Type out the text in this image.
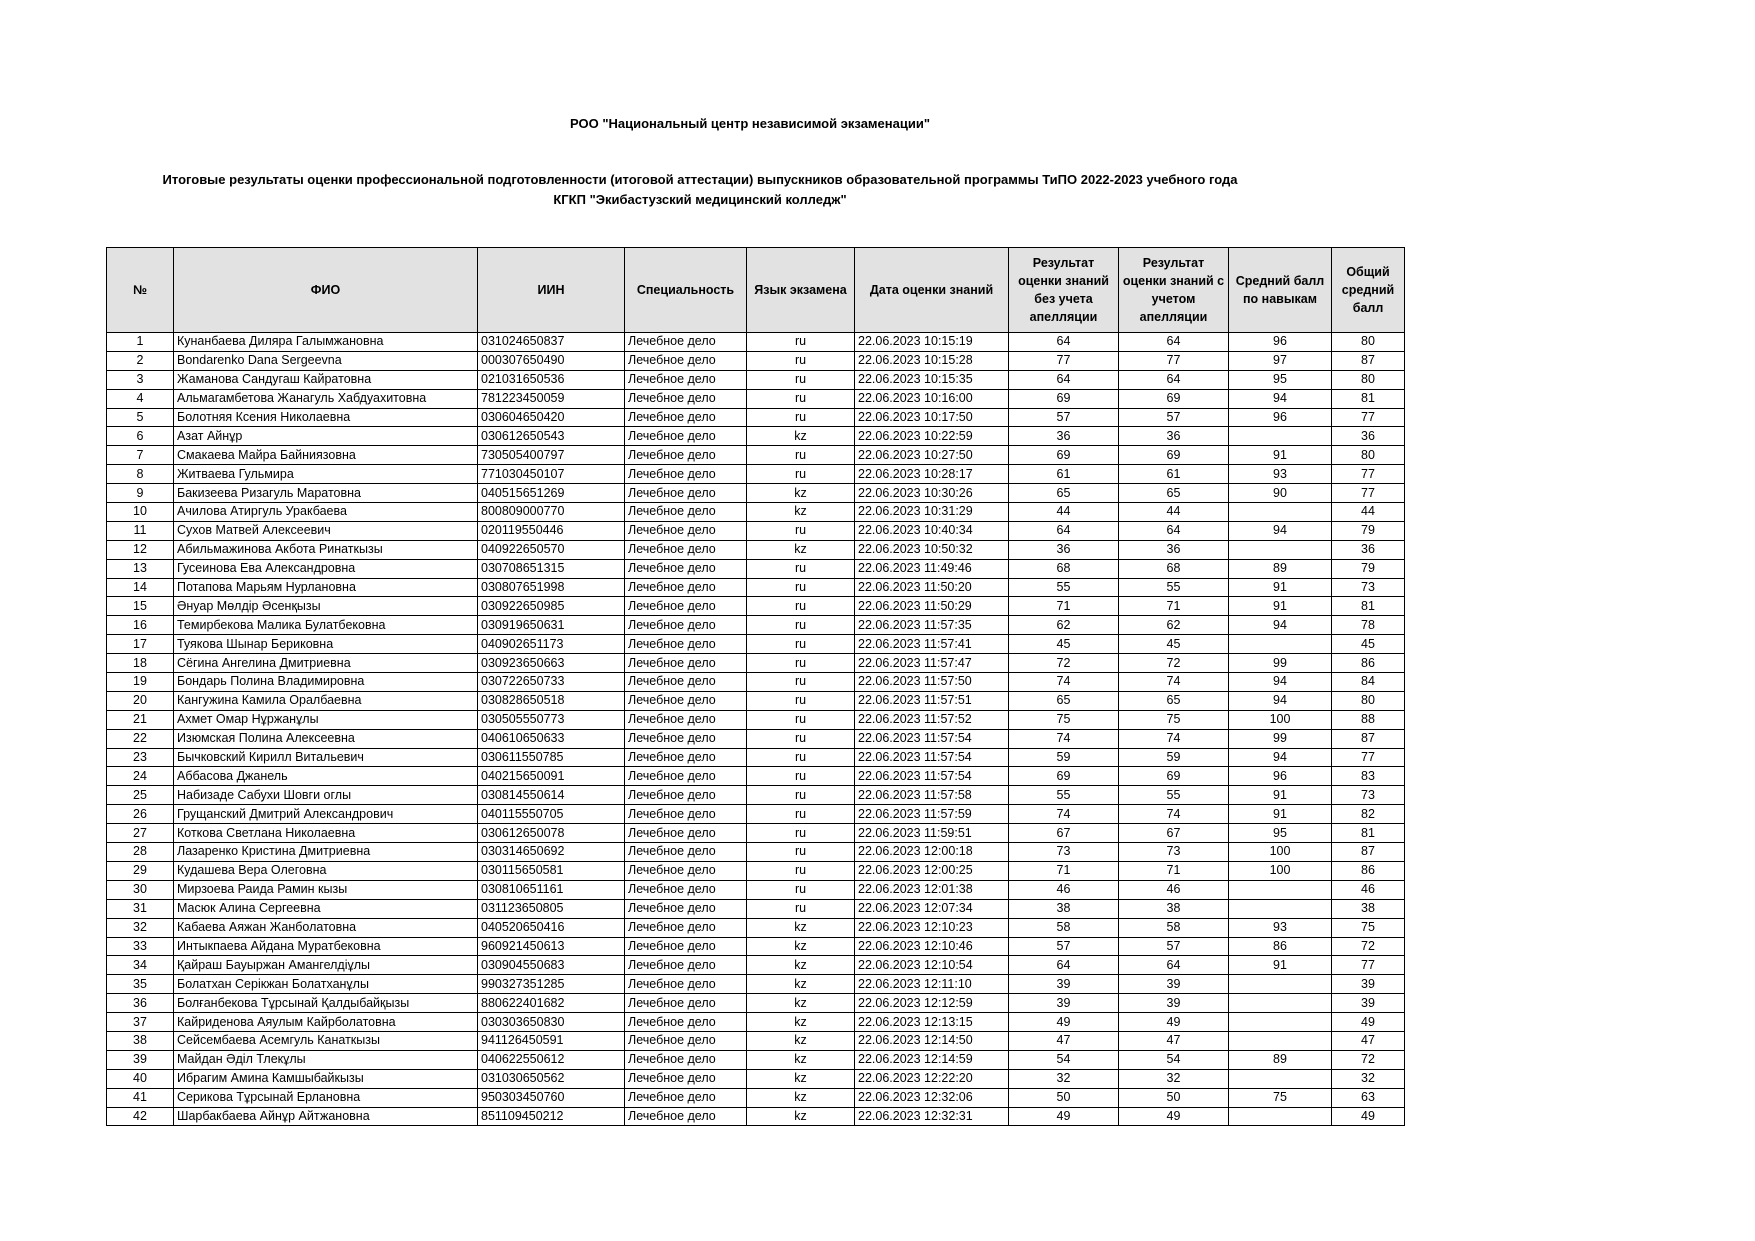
РОО "Национальный центр независимой экзаменации"
Итоговые результаты оценки профессиональной подготовленности (итоговой аттестации) выпускников образовательной программы ТиПО 2022-2023 учебного года
КГКП "Экибастузский медицинский колледж"
№	ФИО	ИИН	Специальность	Язык экзамена	Дата оценки знаний	Результат оценки знаний без учета апелляции	Результат оценки знаний с учетом апелляции	Средний балл по навыкам	Общий средний балл
1	Кунанбаева Диляра Галымжановна	031024650837	Лечебное дело	ru	22.06.2023 10:15:19	64	64	96	80
2	Bondarenko Dana Sergeevna	000307650490	Лечебное дело	ru	22.06.2023 10:15:28	77	77	97	87
3	Жаманова Сандугаш Кайратовна	021031650536	Лечебное дело	ru	22.06.2023 10:15:35	64	64	95	80
4	Альмагамбетова Жанагуль Хабдуахитовна	781223450059	Лечебное дело	ru	22.06.2023 10:16:00	69	69	94	81
5	Болотняя Ксения Николаевна	030604650420	Лечебное дело	ru	22.06.2023 10:17:50	57	57	96	77
6	Азат Айнұр	030612650543	Лечебное дело	kz	22.06.2023 10:22:59	36	36		36
7	Смакаева Майра Байниязовна	730505400797	Лечебное дело	ru	22.06.2023 10:27:50	69	69	91	80
8	Житваева Гульмира	771030450107	Лечебное дело	ru	22.06.2023 10:28:17	61	61	93	77
9	Бакизеева Ризагуль Маратовна	040515651269	Лечебное дело	kz	22.06.2023 10:30:26	65	65	90	77
10	Ачилова Атиргуль Уракбаева	800809000770	Лечебное дело	kz	22.06.2023 10:31:29	44	44		44
11	Сухов Матвей Алексеевич	020119550446	Лечебное дело	ru	22.06.2023 10:40:34	64	64	94	79
12	Абильмажинова Акбота Ринаткызы	040922650570	Лечебное дело	kz	22.06.2023 10:50:32	36	36		36
13	Гусеинова Ева Александровна	030708651315	Лечебное дело	ru	22.06.2023 11:49:46	68	68	89	79
14	Потапова Марьям Нурлановна	030807651998	Лечебное дело	ru	22.06.2023 11:50:20	55	55	91	73
15	Әнуар Мөлдір Әсенқызы	030922650985	Лечебное дело	ru	22.06.2023 11:50:29	71	71	91	81
16	Темирбекова Малика Булатбековна	030919650631	Лечебное дело	ru	22.06.2023 11:57:35	62	62	94	78
17	Туякова Шынар Бериковна	040902651173	Лечебное дело	ru	22.06.2023 11:57:41	45	45		45
18	Сёгина Ангелина Дмитриевна	030923650663	Лечебное дело	ru	22.06.2023 11:57:47	72	72	99	86
19	Бондарь Полина Владимировна	030722650733	Лечебное дело	ru	22.06.2023 11:57:50	74	74	94	84
20	Кангужина Камила Оралбаевна	030828650518	Лечебное дело	ru	22.06.2023 11:57:51	65	65	94	80
21	Ахмет Омар Нұржанұлы	030505550773	Лечебное дело	ru	22.06.2023 11:57:52	75	75	100	88
22	Изюмская Полина Алексеевна	040610650633	Лечебное дело	ru	22.06.2023 11:57:54	74	74	99	87
23	Бычковский Кирилл Витальевич	030611550785	Лечебное дело	ru	22.06.2023 11:57:54	59	59	94	77
24	Аббасова Джанель	040215650091	Лечебное дело	ru	22.06.2023 11:57:54	69	69	96	83
25	Набизаде Сабухи Шовги оглы	030814550614	Лечебное дело	ru	22.06.2023 11:57:58	55	55	91	73
26	Грущанский Дмитрий Александрович	040115550705	Лечебное дело	ru	22.06.2023 11:57:59	74	74	91	82
27	Коткова Светлана Николаевна	030612650078	Лечебное дело	ru	22.06.2023 11:59:51	67	67	95	81
28	Лазаренко Кристина Дмитриевна	030314650692	Лечебное дело	ru	22.06.2023 12:00:18	73	73	100	87
29	Кудашева Вера Олеговна	030115650581	Лечебное дело	ru	22.06.2023 12:00:25	71	71	100	86
30	Мирзоева Раида Рамин кызы	030810651161	Лечебное дело	ru	22.06.2023 12:01:38	46	46		46
31	Масюк Алина Сергеевна	031123650805	Лечебное дело	ru	22.06.2023 12:07:34	38	38		38
32	Кабаева Аяжан Жанболатовна	040520650416	Лечебное дело	kz	22.06.2023 12:10:23	58	58	93	75
33	Интыкпаева Айдана Муратбековна	960921450613	Лечебное дело	kz	22.06.2023 12:10:46	57	57	86	72
34	Қайраш Бауыржан Амангелдіұлы	030904550683	Лечебное дело	kz	22.06.2023 12:10:54	64	64	91	77
35	Болатхан Серікжан Болатханұлы	990327351285	Лечебное дело	kz	22.06.2023 12:11:10	39	39		39
36	Болғанбекова Тұрсынай Қалдыбайқызы	880622401682	Лечебное дело	kz	22.06.2023 12:12:59	39	39		39
37	Кайриденова Аяулым Кайрболатовна	030303650830	Лечебное дело	kz	22.06.2023 12:13:15	49	49		49
38	Сейсембаева Асемгуль Канаткызы	941126450591	Лечебное дело	kz	22.06.2023 12:14:50	47	47		47
39	Майдан Әділ Тлекұлы	040622550612	Лечебное дело	kz	22.06.2023 12:14:59	54	54	89	72
40	Ибрагим Амина Камшыбайкызы	031030650562	Лечебное дело	kz	22.06.2023 12:22:20	32	32		32
41	Серикова Тұрсынай Ерлановна	950303450760	Лечебное дело	kz	22.06.2023 12:32:06	50	50	75	63
42	Шарбакбаева Айнұр Айтжановна	851109450212	Лечебное дело	kz	22.06.2023 12:32:31	49	49		49
